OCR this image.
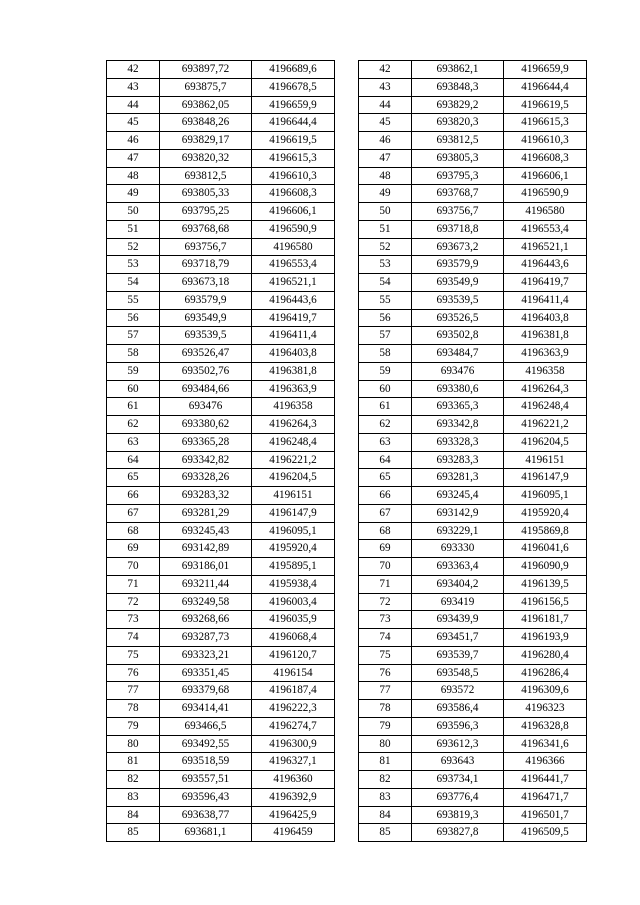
42	693897,72	4196689,6
43	693875,7	4196678,5
44	693862,05	4196659,9
45	693848,26	4196644,4
46	693829,17	4196619,5
47	693820,32	4196615,3
48	693812,5	4196610,3
49	693805,33	4196608,3
50	693795,25	4196606,1
51	693768,68	4196590,9
52	693756,7	4196580
53	693718,79	4196553,4
54	693673,18	4196521,1
55	693579,9	4196443,6
56	693549,9	4196419,7
57	693539,5	4196411,4
58	693526,47	4196403,8
59	693502,76	4196381,8
60	693484,66	4196363,9
61	693476	4196358
62	693380,62	4196264,3
63	693365,28	4196248,4
64	693342,82	4196221,2
65	693328,26	4196204,5
66	693283,32	4196151
67	693281,29	4196147,9
68	693245,43	4196095,1
69	693142,89	4195920,4
70	693186,01	4195895,1
71	693211,44	4195938,4
72	693249,58	4196003,4
73	693268,66	4196035,9
74	693287,73	4196068,4
75	693323,21	4196120,7
76	693351,45	4196154
77	693379,68	4196187,4
78	693414,41	4196222,3
79	693466,5	4196274,7
80	693492,55	4196300,9
81	693518,59	4196327,1
82	693557,51	4196360
83	693596,43	4196392,9
84	693638,77	4196425,9
85	693681,1	4196459
42	693862,1	4196659,9
43	693848,3	4196644,4
44	693829,2	4196619,5
45	693820,3	4196615,3
46	693812,5	4196610,3
47	693805,3	4196608,3
48	693795,3	4196606,1
49	693768,7	4196590,9
50	693756,7	4196580
51	693718,8	4196553,4
52	693673,2	4196521,1
53	693579,9	4196443,6
54	693549,9	4196419,7
55	693539,5	4196411,4
56	693526,5	4196403,8
57	693502,8	4196381,8
58	693484,7	4196363,9
59	693476	4196358
60	693380,6	4196264,3
61	693365,3	4196248,4
62	693342,8	4196221,2
63	693328,3	4196204,5
64	693283,3	4196151
65	693281,3	4196147,9
66	693245,4	4196095,1
67	693142,9	4195920,4
68	693229,1	4195869,8
69	693330	4196041,6
70	693363,4	4196090,9
71	693404,2	4196139,5
72	693419	4196156,5
73	693439,9	4196181,7
74	693451,7	4196193,9
75	693539,7	4196280,4
76	693548,5	4196286,4
77	693572	4196309,6
78	693586,4	4196323
79	693596,3	4196328,8
80	693612,3	4196341,6
81	693643	4196366
82	693734,1	4196441,7
83	693776,4	4196471,7
84	693819,3	4196501,7
85	693827,8	4196509,5
